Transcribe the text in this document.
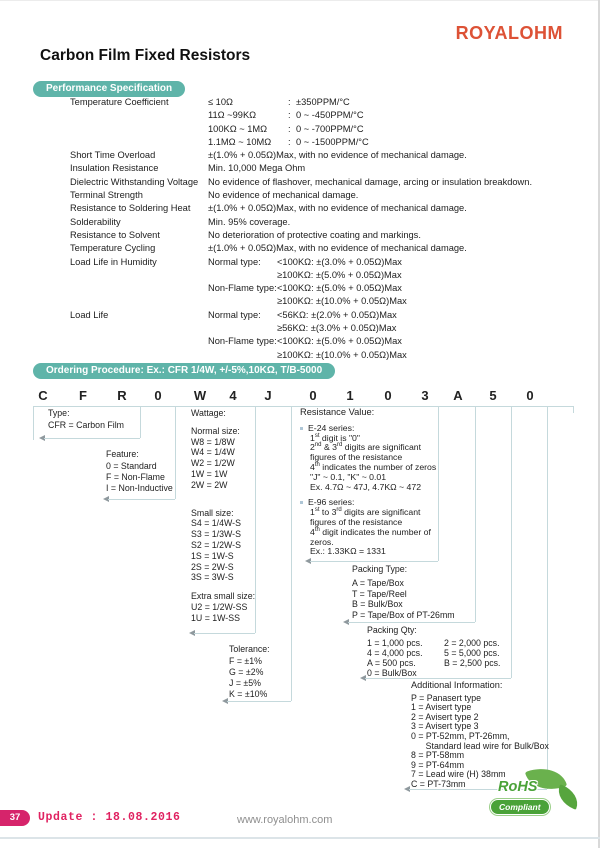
ROYALOHM
Carbon Film Fixed Resistors
Performance Specification
Temperature Coefficient	≤ 10Ω	: ±350PPM/°C
11Ω ~99KΩ	: 0 ~ -450PPM/°C
100KΩ ~ 1MΩ : 0 ~ -700PPM/°C
1.1MΩ ~ 10MΩ : 0 ~ -1500PPM/°C
Short Time Overload	±(1.0% + 0.05Ω)Max, with no evidence of mechanical damage.
Insulation Resistance	Min. 10,000 Mega Ohm
Dielectric Withstanding Voltage	No evidence of flashover, mechanical damage, arcing or insulation breakdown.
Terminal Strength	No evidence of mechanical damage.
Resistance to Soldering Heat	±(1.0% + 0.05Ω)Max, with no evidence of mechanical damage.
Solderability	Min. 95% coverage.
Resistance to Solvent	No deterioration of protective coating and markings.
Temperature Cycling	±(1.0% + 0.05Ω)Max, with no evidence of mechanical damage.
Load Life in Humidity	Normal type: <100KΩ: ±(3.0% + 0.05Ω)Max
≥100KΩ: ±(5.0% + 0.05Ω)Max
Non-Flame type:<100KΩ: ±(5.0% + 0.05Ω)Max
≥100KΩ: ±(10.0% + 0.05Ω)Max
Load Life	Normal type: <56KΩ: ±(2.0% + 0.05Ω)Max
≥56KΩ: ±(3.0% + 0.05Ω)Max
Non-Flame type:<100KΩ: ±(5.0% + 0.05Ω)Max
≥100KΩ: ±(10.0% + 0.05Ω)Max
Ordering Procedure: Ex.: CFR 1/4W, +/-5%,10KΩ, T/B-5000
C F R 0 W 4 J	0 1 0 3 A 5 0
Type:
CFR = Carbon Film
Feature:
0 = Standard
F = Non-Flame
I = Non-Inductive
Tolerance:
F = ±1%
G = ±2%
J = ±5%
K = ±10%
Packing Type:
A = Tape/Box
T = Tape/Reel
B = Bulk/Box
P = Tape/Box of PT-26mm
Additional Information:
P = Panasert type
1 = Avisert type
2 = Avisert type 2
3 = Avisert type 3
0 = PT-52mm, PT-26mm,
Standard lead wire for Bulk/Box
8 = PT-58mm
9 = PT-64mm
7 = Lead wire (H) 38mm
C = PT-73mm
Wattage:
Normal size:
W8 = 1/8W
W4 = 1/4W
W2 = 1/2W
1W = 1W
2W = 2W
Small size:
S4 = 1/4W-S
S3 = 1/3W-S
S2 = 1/2W-S
1S = 1W-S
2S = 2W-S
3S = 3W-S
Extra small size:
U2 = 1/2W-SS
1U = 1W-SS
Resistance Value:
E-24 series:
1st digit is "0"
2nd & 3rd digits are significant
figures of the resistance
4th indicates the number of zeros
"J" ~ 0.1, "K" ~ 0.01
Ex. 4.7Ω ~ 47J, 4.7KΩ ~ 472
E-96 series:
1st to 3rd digits are significant
figures of the resistance
4th digit indicates the number of
zeros.
Ex.: 1.33KΩ = 1331
Packing Qty:
1 = 1,000 pcs. 2 = 2,000 pcs.
4 = 4,000 pcs. 5 = 5,000 pcs.
A = 500 pcs.	B = 2,500 pcs.
0 = Bulk/Box
37	Update : 18.08.2016	www.royalohm.com
RoHS
Compliant
